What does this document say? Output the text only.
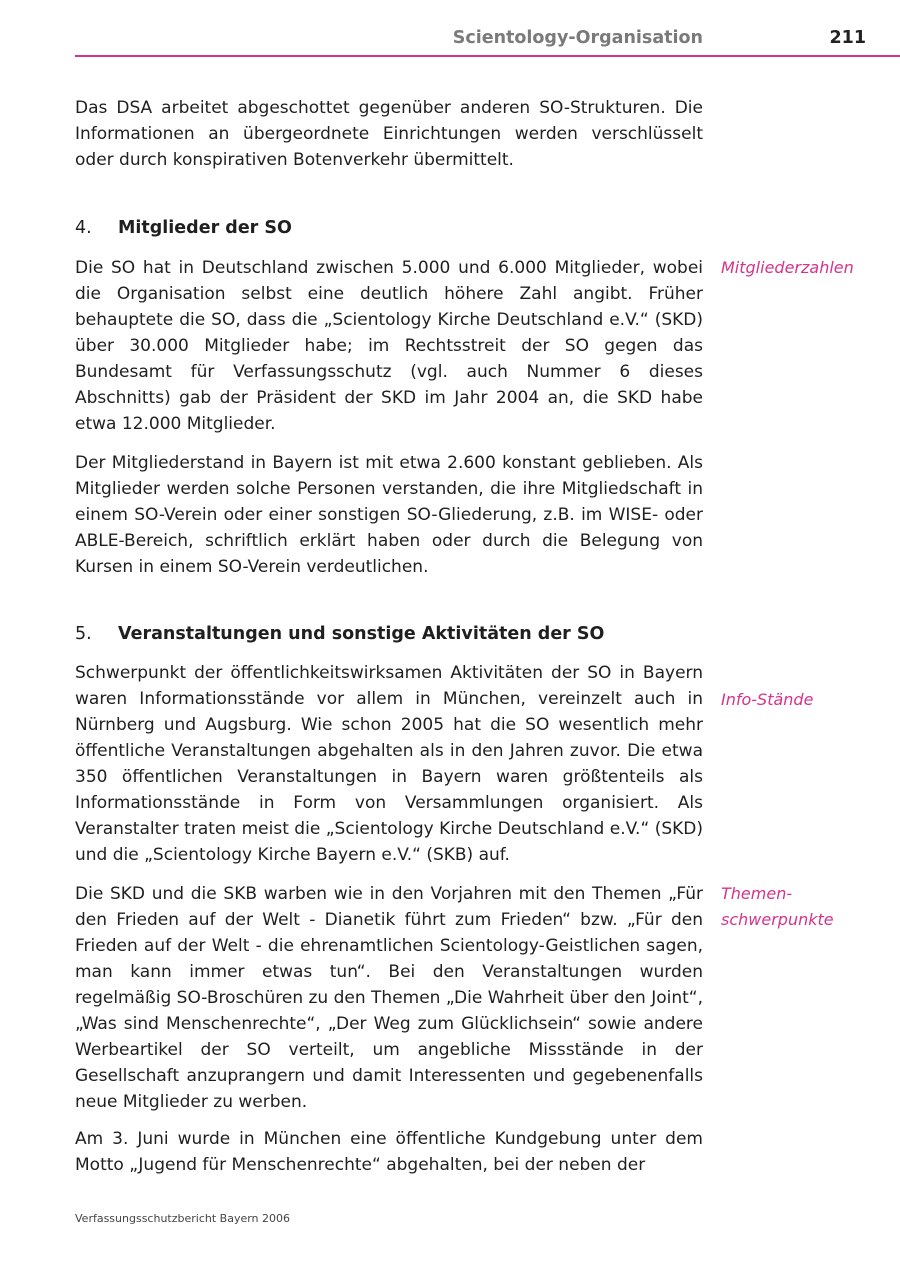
Scientology-Organisation	211

Das DSA arbeitet abgeschottet gegenüber anderen SO-Strukturen. Die Informationen an übergeordnete Einrichtungen werden verschlüsselt oder durch konspirativen Botenverkehr übermittelt.

4. Mitglieder der SO

Die SO hat in Deutschland zwischen 5.000 und 6.000 Mitglieder, wobei die Organisation selbst eine deutlich höhere Zahl angibt. Früher behauptete die SO, dass die „Scientology Kirche Deutschland e.V.“ (SKD) über 30.000 Mitglieder habe; im Rechtsstreit der SO gegen das Bundesamt für Verfassungsschutz (vgl. auch Nummer 6 dieses Abschnitts) gab der Präsident der SKD im Jahr 2004 an, die SKD habe etwa 12.000 Mitglieder.

Mitgliederzahlen

Der Mitgliederstand in Bayern ist mit etwa 2.600 konstant geblieben. Als Mitglieder werden solche Personen verstanden, die ihre Mitgliedschaft in einem SO-Verein oder einer sonstigen SO-Gliederung, z.B. im WISE- oder ABLE-Bereich, schriftlich erklärt haben oder durch die Belegung von Kursen in einem SO-Verein verdeutlichen.

5. Veranstaltungen und sonstige Aktivitäten der SO

Schwerpunkt der öffentlichkeitswirksamen Aktivitäten der SO in Bayern waren Informationsstände vor allem in München, vereinzelt auch in Nürnberg und Augsburg. Wie schon 2005 hat die SO wesentlich mehr öffentliche Veranstaltungen abgehalten als in den Jahren zuvor. Die etwa 350 öffentlichen Veranstaltungen in Bayern waren größtenteils als Informationsstände in Form von Versammlungen organisiert. Als Veranstalter traten meist die „Scientology Kirche Deutschland e.V.“ (SKD) und die „Scientology Kirche Bayern e.V.“ (SKB) auf.

Info-Stände

Die SKD und die SKB warben wie in den Vorjahren mit den Themen „Für den Frieden auf der Welt - Dianetik führt zum Frieden“ bzw. „Für den Frieden auf der Welt - die ehrenamtlichen Scientology-Geistlichen sagen, man kann immer etwas tun“. Bei den Veranstaltungen wurden regelmäßig SO-Broschüren zu den Themen „Die Wahrheit über den Joint“, „Was sind Menschenrechte“, „Der Weg zum Glücklichsein“ sowie andere Werbeartikel der SO verteilt, um angebliche Missstände in der Gesellschaft anzuprangern und damit Interessenten und gegebenenfalls neue Mitglieder zu werben.

Themen-
schwerpunkte

Am 3. Juni wurde in München eine öffentliche Kundgebung unter dem Motto „Jugend für Menschenrechte“ abgehalten, bei der neben der

Verfassungsschutzbericht Bayern 2006
